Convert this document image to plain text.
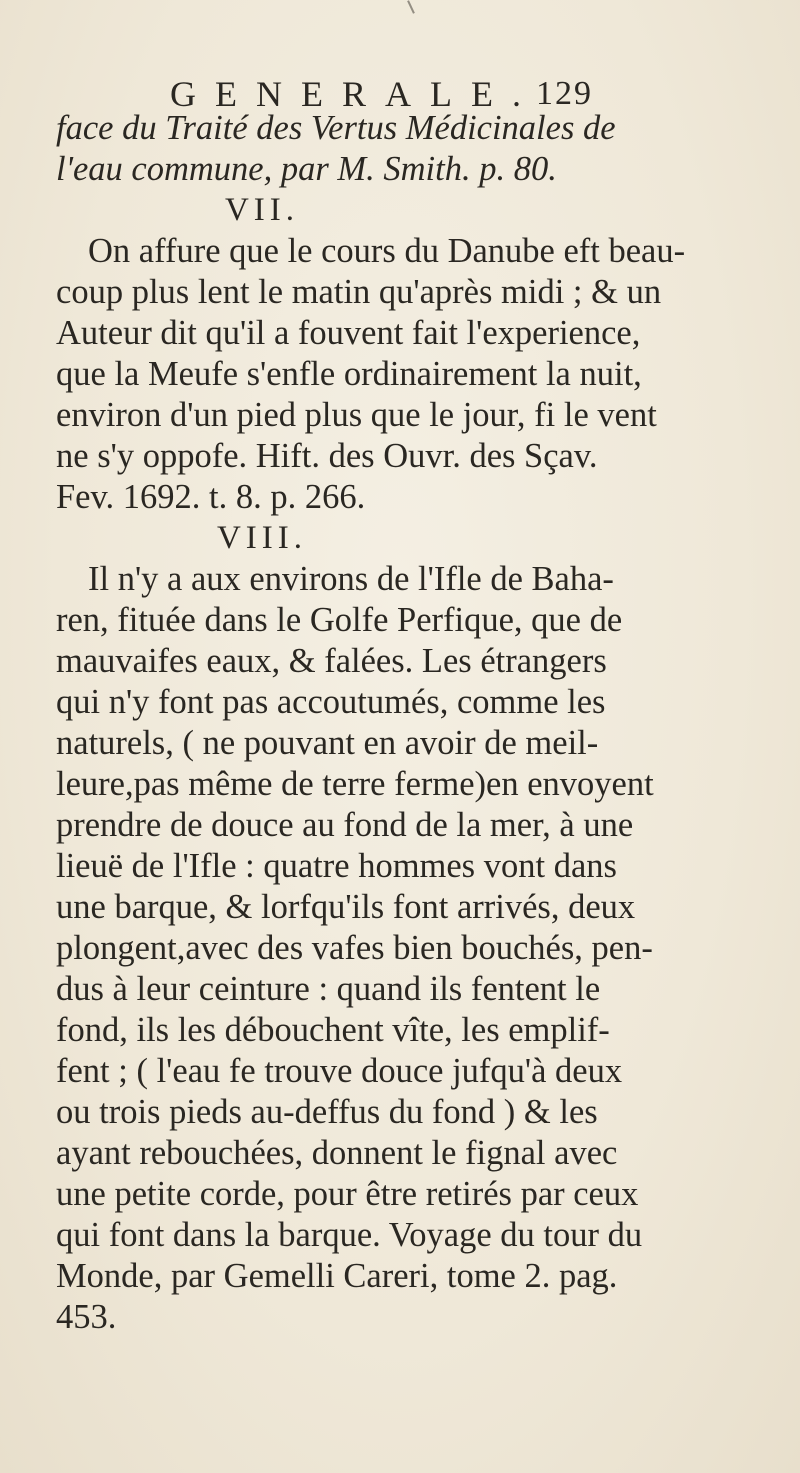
GENERALE.
129
face du Traité des Vertus Médicinales de
l'eau commune, par M. Smith. p. 80.
VII.
On affure que le cours du Danube eft beau-
coup plus lent le matin qu'après midi ; & un
Auteur dit qu'il a fouvent fait l'experience,
que la Meufe s'enfle ordinairement la nuit,
environ d'un pied plus que le jour, fi le vent
ne s'y oppofe. Hift. des Ouvr. des Sçav.
Fev. 1692. t. 8. p. 266.
VIII.
Il n'y a aux environs de l'Ifle de Baha-
ren, fituée dans le Golfe Perfique, que de
mauvaifes eaux, & falées. Les étrangers
qui n'y font pas accoutumés, comme les
naturels, ( ne pouvant en avoir de meil-
leure,pas même de terre ferme)en envoyent
prendre de douce au fond de la mer, à une
lieuë de l'Ifle : quatre hommes vont dans
une barque, & lorfqu'ils font arrivés, deux
plongent,avec des vafes bien bouchés, pen-
dus à leur ceinture : quand ils fentent le
fond, ils les débouchent vîte, les emplif-
fent ; ( l'eau fe trouve douce jufqu'à deux
ou trois pieds au-deffus du fond ) & les
ayant rebouchées, donnent le fignal avec
une petite corde, pour être retirés par ceux
qui font dans la barque. Voyage du tour du
Monde, par Gemelli Careri, tome 2. pag.
453.
